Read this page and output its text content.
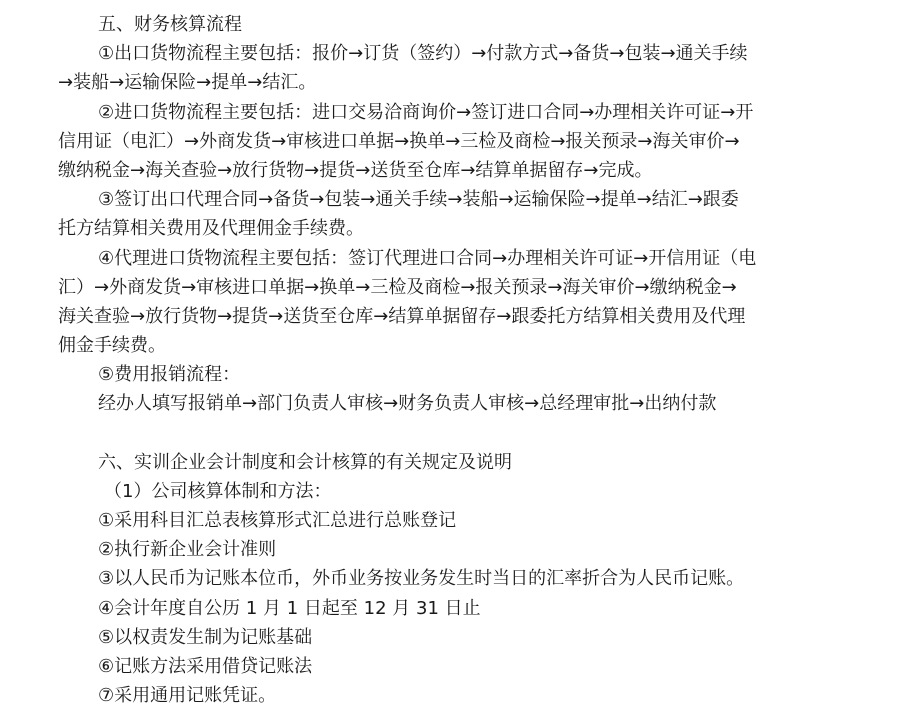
五、财务核算流程
①出口货物流程主要包括：报价→订货（签约）→付款方式→备货→包装→通关手续
→装船→运输保险→提单→结汇。
②进口货物流程主要包括：进口交易洽商询价→签订进口合同→办理相关许可证→开
信用证（电汇）→外商发货→审核进口单据→换单→三检及商检→报关预录→海关审价→
缴纳税金→海关查验→放行货物→提货→送货至仓库→结算单据留存→完成。
③签订出口代理合同→备货→包装→通关手续→装船→运输保险→提单→结汇→跟委
托方结算相关费用及代理佣金手续费。
④代理进口货物流程主要包括：签订代理进口合同→办理相关许可证→开信用证（电
汇）→外商发货→审核进口单据→换单→三检及商检→报关预录→海关审价→缴纳税金→
海关查验→放行货物→提货→送货至仓库→结算单据留存→跟委托方结算相关费用及代理
佣金手续费。
⑤费用报销流程：
经办人填写报销单→部门负责人审核→财务负责人审核→总经理审批→出纳付款
六、实训企业会计制度和会计核算的有关规定及说明
（1）公司核算体制和方法：
①采用科目汇总表核算形式汇总进行总账登记
②执行新企业会计准则
③以人民币为记账本位币，外币业务按业务发生时当日的汇率折合为人民币记账。
④会计年度自公历 1 月 1 日起至 12 月 31 日止
⑤以权责发生制为记账基础
⑥记账方法采用借贷记账法
⑦采用通用记账凭证。
